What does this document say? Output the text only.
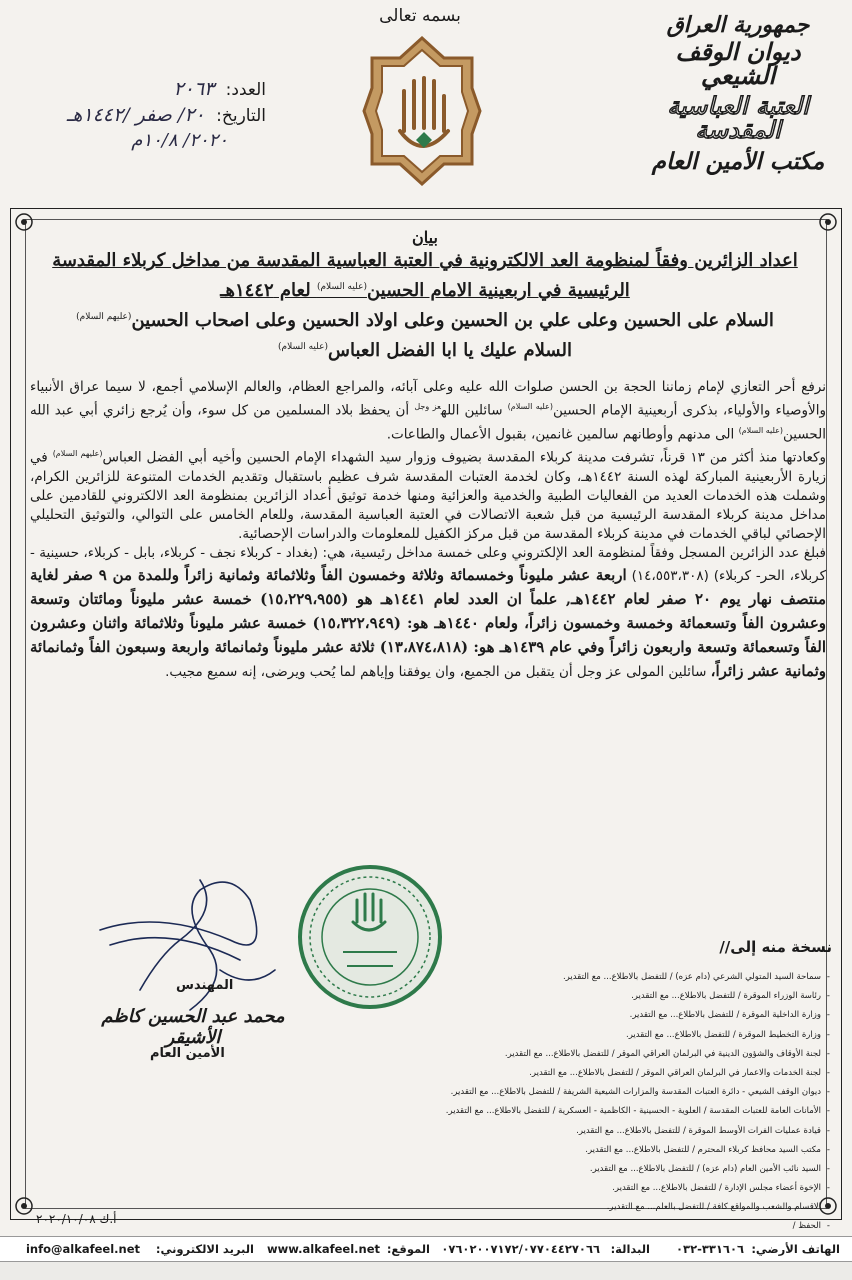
بسمه تعالى	جمهورية العراق
ديوان الوقف الشيعي
العتبة العباسية المقدسة
مكتب الأمين العام
العدد: ٢٠٦٣
التاريخ: ٢٠/ صفر /١٤٤٢هـ
٢٠٢٠/ ١٠/٨م
بيان
اعداد الزائرين وفقاً لمنظومة العد الالكترونية في العتبة العباسية المقدسة من مداخل كربلاء المقدسة
الرئيسية في اربعينية الامام الحسين$^{(عليه السلام)}$ لعام ١٤٤٢هـ
السلام على الحسين وعلى علي بن الحسين وعلى اولاد الحسين وعلى اصحاب الحسين$^{(عليهم السلام)}$
السلام عليك يا ابا الفضل العباس$^{(عليه السلام)}$

نرفع أحر التعازي لإمام زماننا الحجة بن الحسن صلوات الله عليه وعلى آبائه، والمراجع العظام، والعالم الإسلامي أجمع، لا سيما عراق الأنبياء والأوصياء والأولياء، بذكرى أربعينية الإمام الحسين$^{(عليه السلام)}$ سائلين الله$^{عز وجل}$ أن يحفظ بلاد المسلمين من كل سوء، وأن يُرجع زائري أبي عبد الله الحسين$^{(عليه السلام)}$ الى مدنهم وأوطانهم سالمين غانمين، بقبول الأعمال والطاعات.

وكعادتها منذ أكثر من ١٣ قرناً، تشرفت مدينة كربلاء المقدسة بضيوف وزوار سيد الشهداء الإمام الحسين وأخيه أبي الفضل العباس$^{(عليهم السلام)}$ في زيارة الأربعينية المباركة لهذه السنة ١٤٤٢هـ، وكان لخدمة العتبات المقدسة شرف عظيم باستقبال وتقديم الخدمات المتنوعة للزائرين الكرام، وشملت هذه الخدمات العديد من الفعاليات الطبية والخدمية والعزائية ومنها خدمة توثيق أعداد الزائرين بمنظومة العد الالكتروني للقادمين على مداخل مدينة كربلاء المقدسة الرئيسية من قبل شعبة الاتصالات في العتبة العباسية المقدسة، وللعام الخامس على التوالي، والتوثيق التحليلي الإحصائي لباقي الخدمات في مدينة كربلاء المقدسة من قبل مركز الكفيل للمعلومات والدراسات الإحصائية.

فبلغ عدد الزائرين المسجل وفقاً لمنظومة العد الإلكتروني وعلى خمسة مداخل رئيسية، هي: (بغداد - كربلاء نجف - كربلاء، بابل - كربلاء، حسينية - كربلاء، الحر- كربلاء) (١٤،٥٥٣،٣٠٨) اربعة عشر مليوناً وخمسمائة وثلاثة وخمسون الفاً وثلاثمائة وثمانية زائراً وللمدة من ٩ صفر لغاية منتصف نهار يوم ٢٠ صفر لعام ١٤٤٢هـ, علماً ان العدد لعام ١٤٤١هـ هو (١٥،٢٢٩،٩٥٥) خمسة عشر مليوناً ومائتان وتسعة وعشرون الفاً وتسعمائة وخمسة وخمسون زائراً، ولعام ١٤٤٠هـ هو: (١٥،٣٢٢،٩٤٩) خمسة عشر مليوناً وثلاثمائة واثنان وعشرون الفاً وتسعمائة وتسعة واربعون زائراً وفي عام ١٤٣٩هـ هو: (١٣،٨٧٤،٨١٨) ثلاثة عشر مليوناً وثمانمائة واربعة وسبعون الفاً وثمانمائة وثمانية عشر زائراً، سائلين المولى عز وجل أن يتقبل من الجميع، وان يوفقنا وإياهم لما يُحب ويرضى، إنه سميع مجيب.

نسخة منه إلى//
-سماحة السيد المتولي الشرعي (دام عزه) / للتفضل بالاطلاع... مع التقدير.
-رئاسة الوزراء الموقرة / للتفضل بالاطلاع... مع التقدير.
-وزارة الداخلية الموقرة / للتفضل بالاطلاع... مع التقدير.
-وزارة التخطيط الموقرة / للتفضل بالاطلاع... مع التقدير.
-لجنة الأوقاف والشؤون الدينية في البرلمان العراقي الموقر / للتفضل بالاطلاع... مع التقدير.
-لجنة الخدمات والاعمار في البرلمان العراقي الموقر / للتفضل بالاطلاع... مع التقدير.
-ديوان الوقف الشيعي - دائرة العتبات المقدسة والمزارات الشيعية الشريفة / للتفضل بالاطلاع... مع التقدير.
-الأمانات العامة للعتبات المقدسة / العلوية - الحسينية - الكاظمية - العسكرية / للتفضل بالاطلاع... مع التقدير.
-قيادة عمليات الفرات الأوسط الموقرة / للتفضل بالاطلاع... مع التقدير.
-مكتب السيد محافظ كربلاء المحترم / للتفضل بالاطلاع... مع التقدير.
-السيد نائب الأمين العام (دام عزه) / للتفضل بالاطلاع... مع التقدير.
-الإخوة أعضاء مجلس الإدارة / للتفضل بالاطلاع... مع التقدير.
-الاقسام والشعب والمواقع كافة / للتفضل بالعلم... مع التقدير.
-الحفظ /
المهندس
محمد عبد الحسين كاظم الأشيقر
الأمين العام
أ.ك ٢٠٢٠/١٠/٠٨
الهاتف الأرضي:
٣٣١٦٠٦-٠٣٢
البدالة:
٠٧٦٠٢٠٠٧١٧٢/٠٧٧٠٤٤٢٧٠٦٦
الموقع:
www.alkafeel.net
البريد الالكتروني:
info@alkafeel.net
